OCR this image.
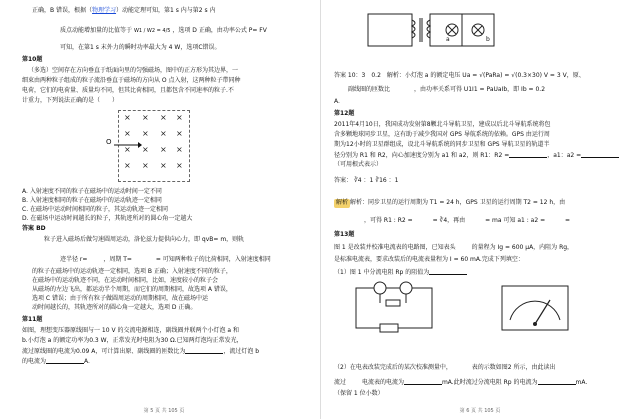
正确，B 错误，根据（物理学习）动能定理可知，第1 s 内与第2 s 内
质点动能增加量的比值等于 W1 / W2 = 4/5 ，选项 D 正确，由功率公式 P= FV
可知，在第1 s 末外力的瞬时功率最大为 4 W，选项C错误。
第10题
（多选）空间存在方向垂直于纸面向里的匀强磁场，图中的正方形为其边界，一
细束由两种粒子组成的粒子流沿垂直于磁场的方向从 O 点入射，这两种粒子带同种
电荷，它们的电荷量、质量均不同，但其比荷相同，且都包含不同速率的粒子.不
计重力，下列说法正确的是（　　）
× × × ×
× × × ×
× × × ×
× × × ×
O
A. 入射速度不同的粒子在磁场中的运动时间一定不同
B. 入射速度相同的粒子在磁场中的运动轨迹一定相同
C. 在磁场中运动时间相同的粒子，其运动轨迹一定相同
D. 在磁场中运动时间越长的粒子，其轨迹所对的圆心角一定越大
答案 BD
粒子进入磁场后做匀速圆周运动，洛伦兹力提供向心力，即 qvB= m，则轨
迹半径 r=	，周期 T=	= 可知两种粒子的比荷相同，入射速度相同
的粒子在磁场中的运动轨迹一定相同，选项 B 正确；入射速度不同的粒子，
在磁场中的运动轨迹不同，在运动时间相同，比如，速度较小的粒子会
从磁场的左边飞出，都运动半个周期，而它们的周期相同，故选项 A 错误，
选项 C 错误；由于所有粒子做圆周运动的周期相同，故在磁场中运
动时间越长的，其轨迹所对的圆心角一定越大，选项 D 正确。
第11题
如图，理想变压器原线圈与一 10 V 的交流电源相连，副线圈并联两个小灯泡 a 和
b.小灯泡 a 的额定功率为0.3 W，正常发光时电阻为30 Ω.已知两灯泡均正常发光，
流过原线圈的电流为0.09 A，可计算出原、副线圈的匝数比为	，流过灯泡 b
的电流为	A.
第 5 页 共 105 页
a	b
答案 10：3　0.2　解析：小灯泡 a 的额定电压 Ua = √(PaRa) = √(0.3×30) V = 3 V，原、
副线圈的匝数比	，由功率关系可得 U1I1 = PaUaIb，即 Ib = 0.2
A.
第12题
2011年4月10日，我国成功发射第8颗北斗导航卫星，建成以后北斗导航系统将包
含多颗地球同步卫星，这有助于减少我国对 GPS 导航系统的依赖。GPS 由运行周
期为12小时的卫星群组成，设北斗导航系统的同步卫星和 GPS 导航卫星的轨道半
径分别为 R1 和 R2，向心加速度分别为 a1 和 a2，则 R1：R2 =	，a1：a2 =
（可用根式表示）
答案： ∛4 ：1 ∛16 ：1
解析 解析：同步卫星的运行周期为 T1 = 24 h，GPS 卫星的运行周期 T2 = 12 h，由
，可得 R1 : R2 =	= ∛4，再由	= ma 可知 a1 : a2 =	=
第13题
图 1 是改装并校准电流表的电路图，已知表头	的量程为 Ig = 600 μA，内阻为 Rg，
是标准电流表，要求改装后的电流表量程为 I = 60 mA.完成下列填空：
（1）图 1 中分流电阻 Rp 的阻值为
（2）在电表改装完成后的某次校准测量中，	表的示数如图2 所示，由此读出
流过	电流表的电流为	mA.此时流过分流电阻 Rp 的电流为	mA.
（保留 1 位小数）
第 6 页 共 105 页
